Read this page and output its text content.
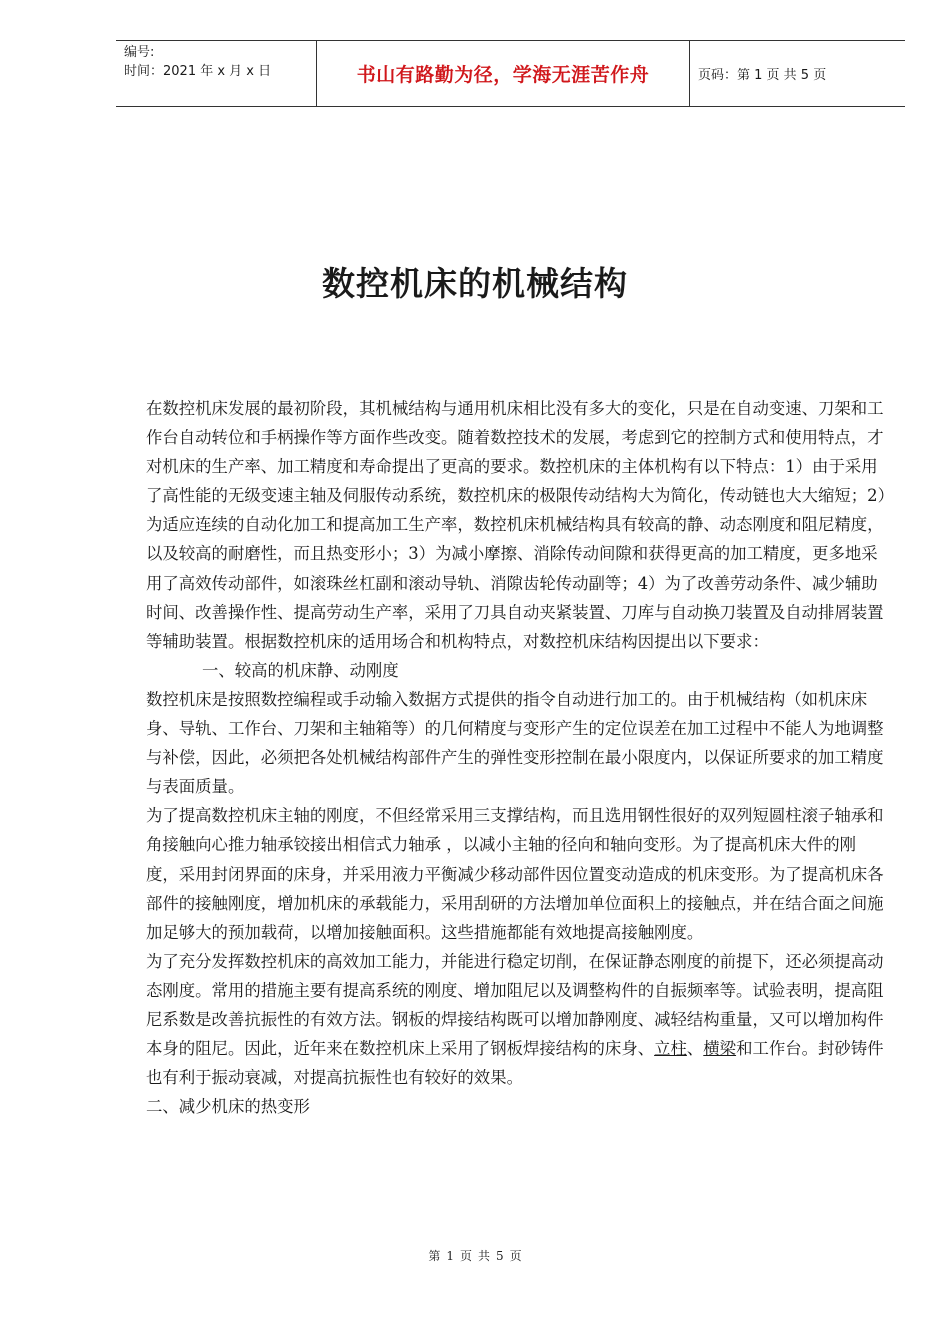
编号:
时间：2021 年 x 月 x 日	书山有路勤为径，学海无涯苦作舟	页码：第 1 页 共 5 页
数控机床的机械结构

在数控机床发展的最初阶段，其机械结构与通用机床相比没有多大的变化，只是在自动变速、刀架和工作台自动转位和手柄操作等方面作些改变。随着数控技术的发展，考虑到它的控制方式和使用特点，才对机床的生产率、加工精度和寿命提出了更高的要求。数控机床的主体机构有以下特点：1）由于采用了高性能的无级变速主轴及伺服传动系统，数控机床的极限传动结构大为简化，传动链也大大缩短；2）为适应连续的自动化加工和提高加工生产率，数控机床机械结构具有较高的静、动态刚度和阻尼精度，以及较高的耐磨性，而且热变形小；3）为减小摩擦、消除传动间隙和获得更高的加工精度，更多地采用了高效传动部件，如滚珠丝杠副和滚动导轨、消隙齿轮传动副等；4）为了改善劳动条件、减少辅助时间、改善操作性、提高劳动生产率，采用了刀具自动夹紧装置、刀库与自动换刀装置及自动排屑装置等辅助装置。根据数控机床的适用场合和机构特点，对数控机床结构因提出以下要求：

一、较高的机床静、动刚度

数控机床是按照数控编程或手动输入数据方式提供的指令自动进行加工的。由于机械结构（如机床床身、导轨、工作台、刀架和主轴箱等）的几何精度与变形产生的定位误差在加工过程中不能人为地调整与补偿，因此，必须把各处机械结构部件产生的弹性变形控制在最小限度内，以保证所要求的加工精度与表面质量。

为了提高数控机床主轴的刚度，不但经常采用三支撑结构，而且选用钢性很好的双列短圆柱滚子轴承和角接触向心推力轴承铰接出相信式力轴承 ，以减小主轴的径向和轴向变形。为了提高机床大件的刚度，采用封闭界面的床身，并采用液力平衡减少移动部件因位置变动造成的机床变形。为了提高机床各部件的接触刚度，增加机床的承载能力，采用刮研的方法增加单位面积上的接触点，并在结合面之间施加足够大的预加载荷，以增加接触面积。这些措施都能有效地提高接触刚度。

为了充分发挥数控机床的高效加工能力，并能进行稳定切削，在保证静态刚度的前提下，还必须提高动态刚度。常用的措施主要有提高系统的刚度、增加阻尼以及调整构件的自振频率等。试验表明，提高阻尼系数是改善抗振性的有效方法。钢板的焊接结构既可以增加静刚度、减轻结构重量，又可以增加构件本身的阻尼。因此，近年来在数控机床上采用了钢板焊接结构的床身、立柱、横梁和工作台。封砂铸件也有利于振动衰减，对提高抗振性也有较好的效果。

二、减少机床的热变形

第 1 页 共 5 页
